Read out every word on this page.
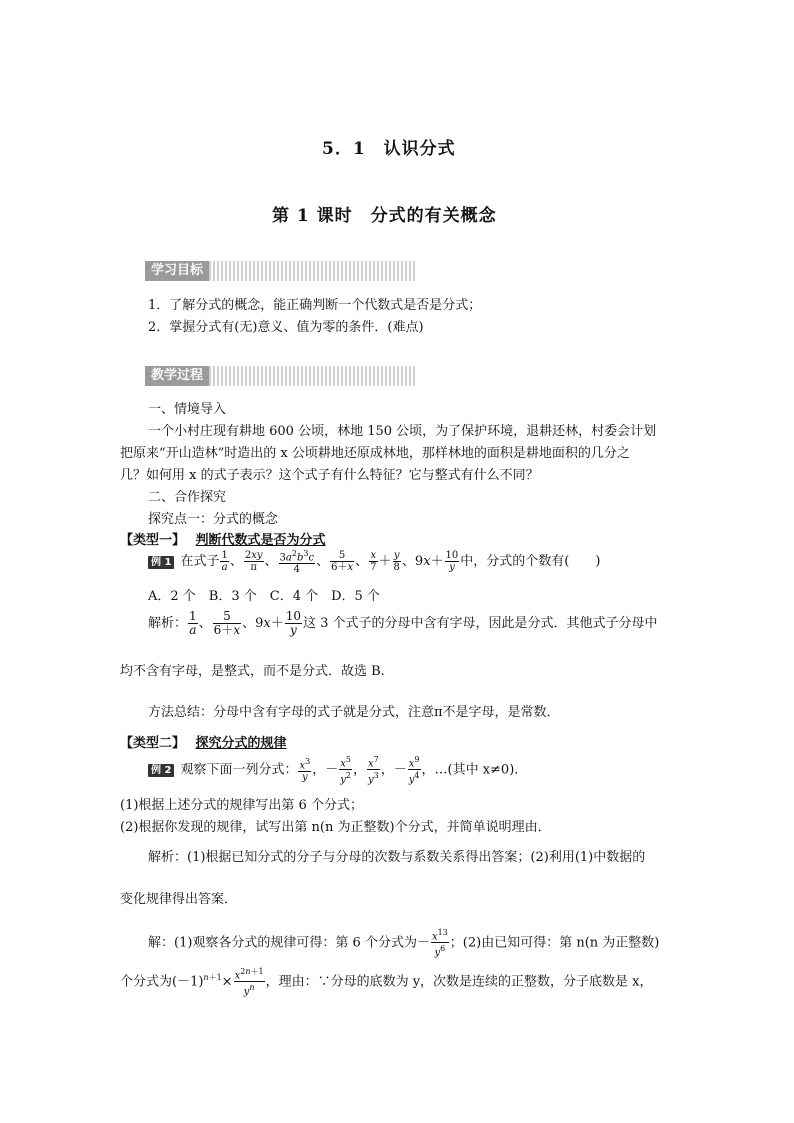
5．1　认识分式
第 1 课时　分式的有关概念
学习目标
1．了解分式的概念，能正确判断一个代数式是否是分式；
2．掌握分式有(无)意义、值为零的条件．(难点)
教学过程
一、情境导入
一个小村庄现有耕地 600 公顷，林地 150 公顷，为了保护环境，退耕还林，村委会计划
把原来“开山造林”时造出的 x 公顷耕地还原成林地，那样林地的面积是耕地面积的几分之
几？如何用 x 的式子表示？这个式子有什么特征？它与整式有什么不同？
二、合作探究
探究点一：分式的概念
【类型一】 判断代数式是否为分式
例 1 在式子 $\frac{1}{a}$ 、 $\frac{2xy}{\pi}$ 、 $\frac{3a^2b^3c}{4}$ 、 $\frac{5}{6+x}$ 、 $\frac{x}{7} + \frac{y}{8}$ 、$9x+ \frac{10}{y}$ 中，分式的个数有(　　)
A．2 个　B．3 个　C．4 个　D．5 个
解析： $\frac{1}{a}$ 、 $\frac{5}{6+x}$ 、$9x+ \frac{10}{y}$ 这 3 个式子的分母中含有字母，因此是分式．其他式子分母中
均不含有字母，是整式，而不是分式．故选 B.
方法总结：分母中含有字母的式子就是分式，注意π不是字母，是常数．
【类型二】 探究分式的规律
例 2 观察下面一列分式： $\frac{x^3}{y}$ ，－ $\frac{x^5}{y^2}$ ， $\frac{x^7}{y^3}$ ，－ $\frac{x^9}{y^4}$ ，…(其中 x≠0)．
(1)根据上述分式的规律写出第 6 个分式；
(2)根据你发现的规律，试写出第 n(n 为正整数)个分式，并简单说明理由．
解析：(1)根据已知分式的分子与分母的次数与系数关系得出答案；(2)利用(1)中数据的
变化规律得出答案．
解：(1)观察各分式的规律可得：第 6 个分式为－ $\frac{x^{13}}{y^6}$ ；(2)由已知可得：第 n(n 为正整数)
个分式为$(-1)^{n+1}\times \frac{x^{2n+1}}{y^n}$ ，理由：∵分母的底数为 y，次数是连续的正整数，分子底数是 x，
